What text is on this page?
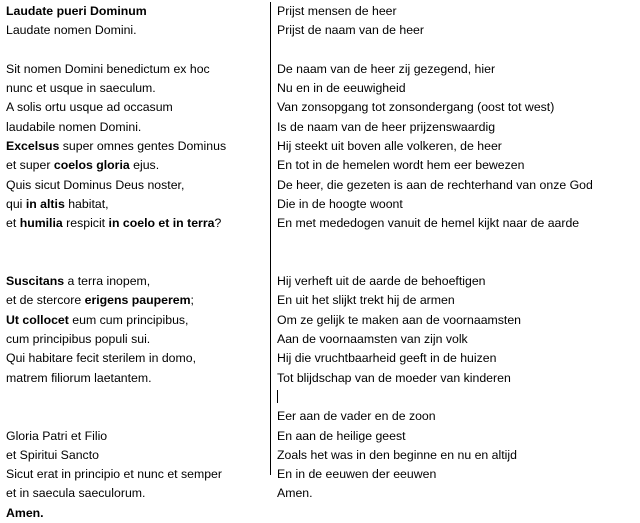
Laudate pueri Dominum
Laudate nomen Domini.
Sit nomen Domini benedictum ex hoc
nunc et usque in saeculum.
A solis ortu usque ad occasum
laudabile nomen Domini.
Excelsus super omnes gentes Dominus
et super coelos gloria ejus.
Quis sicut Dominus Deus noster,
qui in altis habitat,
et humilia respicit in coelo et in terra?
Suscitans a terra inopem,
et de stercore erigens pauperem;
Ut collocet eum cum principibus,
cum principibus populi sui.
Qui habitare fecit sterilem in domo,
matrem filiorum laetantem.
Gloria Patri et Filio
et Spiritui Sancto
Sicut erat in principio et nunc et semper
et in saecula saeculorum.
Amen.
Prijst mensen de heer
Prijst de naam van de heer
De naam van de heer zij gezegend, hier
Nu en in de eeuwigheid
Van zonsopgang tot zonsondergang (oost tot west)
Is de naam van de heer prijzenswaardig
Hij steekt uit boven alle volkeren, de heer
En tot in de hemelen wordt hem eer bewezen
De heer, die gezeten is aan de rechterhand van onze God
Die in de hoogte woont
En met mededogen vanuit de hemel kijkt naar de aarde
Hij verheft uit de aarde de behoeftigen
En uit het slijkt trekt hij de armen
Om ze gelijk te maken aan de voornaamsten
Aan de voornaamsten van zijn volk
Hij die vruchtbaarheid geeft in de huizen
Tot blijdschap van de moeder van kinderen
Eer aan de vader en de zoon
En aan de heilige geest
Zoals het was in den beginne en nu en altijd
En in de eeuwen der eeuwen
Amen.
